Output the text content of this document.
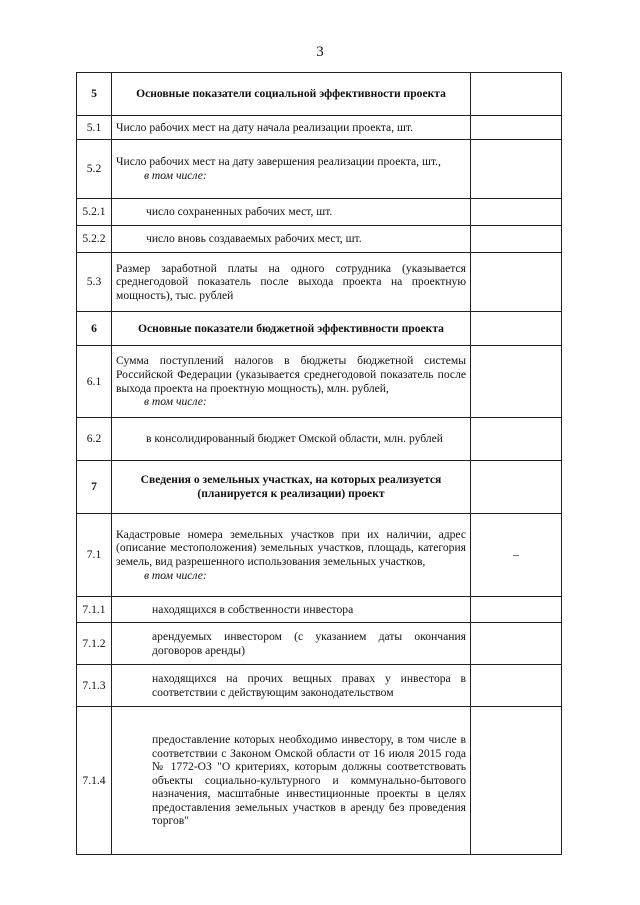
3
5	Основные показатели социальной эффективности проекта	
5.1	Число рабочих мест на дату начала реализации проекта, шт.	
5.2	Число рабочих мест на дату завершения реализации проекта, шт.,
в том числе:	

5.2.1	число сохраненных рабочих мест, шт.	

5.2.2	число вновь создаваемых рабочих мест, шт.	

5.3	Размер заработной платы на одного сотрудника (указывается среднегодовой показатель после выхода проекта на проектную мощность), тыс. рублей	
6	Основные показатели бюджетной эффективности проекта	
6.1	Сумма поступлений налогов в бюджеты бюджетной системы Российской Федерации (указывается среднегодовой показатель после выхода проекта на проектную мощность), млн. рублей,
в том числе:	

6.2	в консолидированный бюджет Омской области, млн. рублей	

7	Сведения о земельных участках, на которых реализуется (планируется к реализации) проект	
7.1	Кадастровые номера земельных участков при их наличии, адрес (описание местоположения) земельных участков, площадь, категория земель, вид разрешенного использования земельных участков,
в том числе:	–
7.1.1	находящихся в собственности инвестора	

7.1.2	арендуемых инвестором (с указанием даты окончания договоров аренды)	

7.1.3	находящихся на прочих вещных правах у инвестора в соответствии с действующим законодательством	

7.1.4	предоставление которых необходимо инвестору, в том числе в соответствии с Законом Омской области от 16 июля 2015 года № 1772-ОЗ "О критериях, которым должны соответствовать объекты социально-культурного и коммунально-бытового назначения, масштабные инвестиционные проекты в целях предоставления земельных участков в аренду без проведения торгов"	
